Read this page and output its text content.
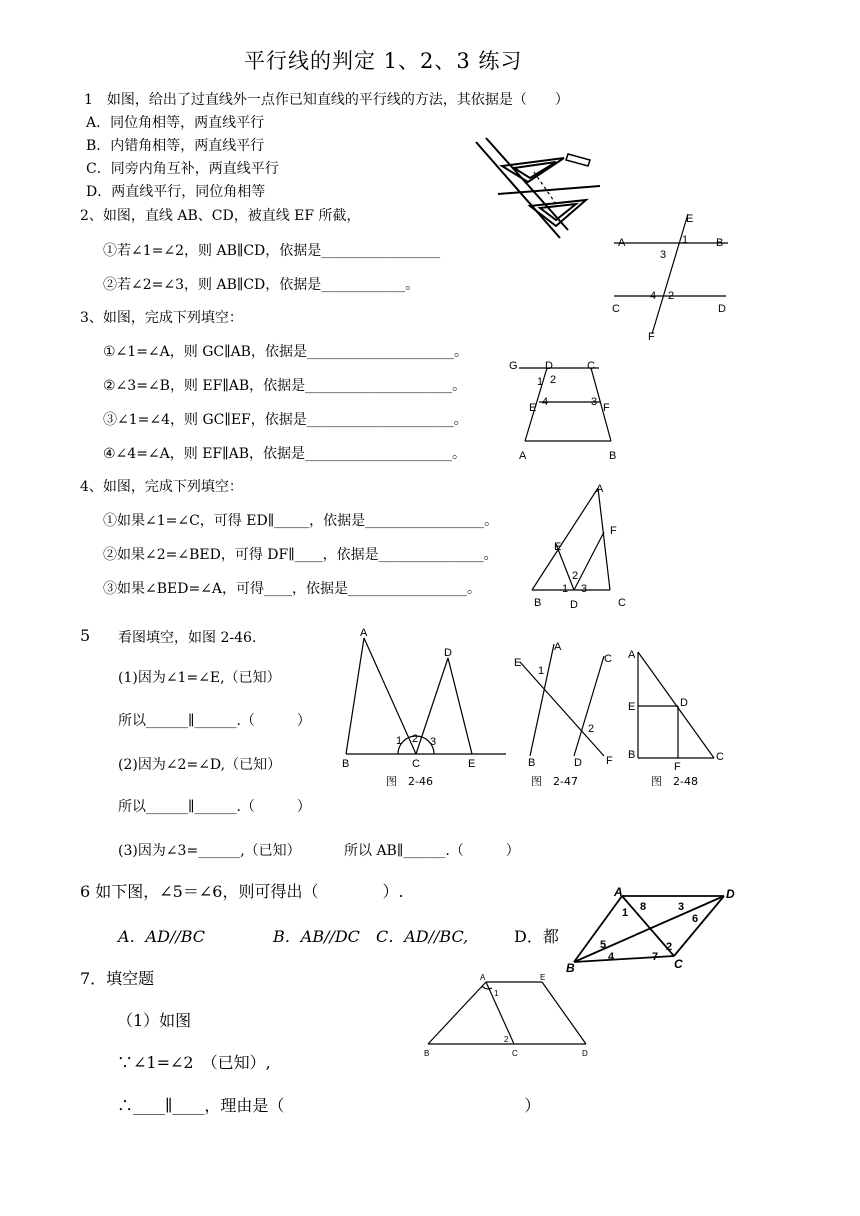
平行线的判定 1、2、3 练习
1　如图，给出了过直线外一点作已知直线的平行线的方法，其依据是（　　）
A．同位角相等，两直线平行
B．内错角相等，两直线平行
C．同旁内角互补，两直线平行
D．两直线平行，同位角相等
2、如图，直线 AB、CD，被直线 EF 所截，
①若∠1=∠2，则 AB∥CD，依据是_________________
②若∠2=∠3，则 AB∥CD，依据是____________。
E
A	B
1
3
4 2
C	D
F
3、如图，完成下列填空：
①∠1=∠A，则 GC∥AB，依据是_____________________。
②∠3=∠B，则 EF∥AB，依据是_____________________。
③∠1=∠4，则 GC∥EF，依据是_____________________。
④∠4=∠A，则 EF∥AB，依据是_____________________。
G D	C
1 2
E 4	3 F
A	B
4、如图，完成下列填空：
①如果∠1=∠C，可得 ED∥_____，依据是_________________。
②如果∠2=∠BED，可得 DF∥____，依据是_______________。
③如果∠BED=∠A，可得____，依据是_________________。
A
F
E
2
1 3
B	D	C
5 看图填空，如图 2-46.
(1)因为∠1=∠E,（已知）
所以______∥______.（　　　）
(2)因为∠2=∠D,（已知）
所以______∥______.（　　　）
(3)因为∠3=______,（已知）	所以 AB∥______.（　　　）
A
D
1 2 3
B	C	E
图　2-46
E
A
C
1
2
B	D F
图　2-47
A
E	D
B
F
C
图　2-48
6 如下图，∠5＝∠6，则可得出（　　　　）.
A．AD//BC	B．AB//DC C．AD//BC,	D．都
A	D
B	C
1 8	3
6
5
4	7
2
7．填空题
（1）如图
∵∠1=∠2　（已知）,
∴____∥____，理由是（　　　　　　　　　　　　　　　）
A	E
1
2
B	C	D
